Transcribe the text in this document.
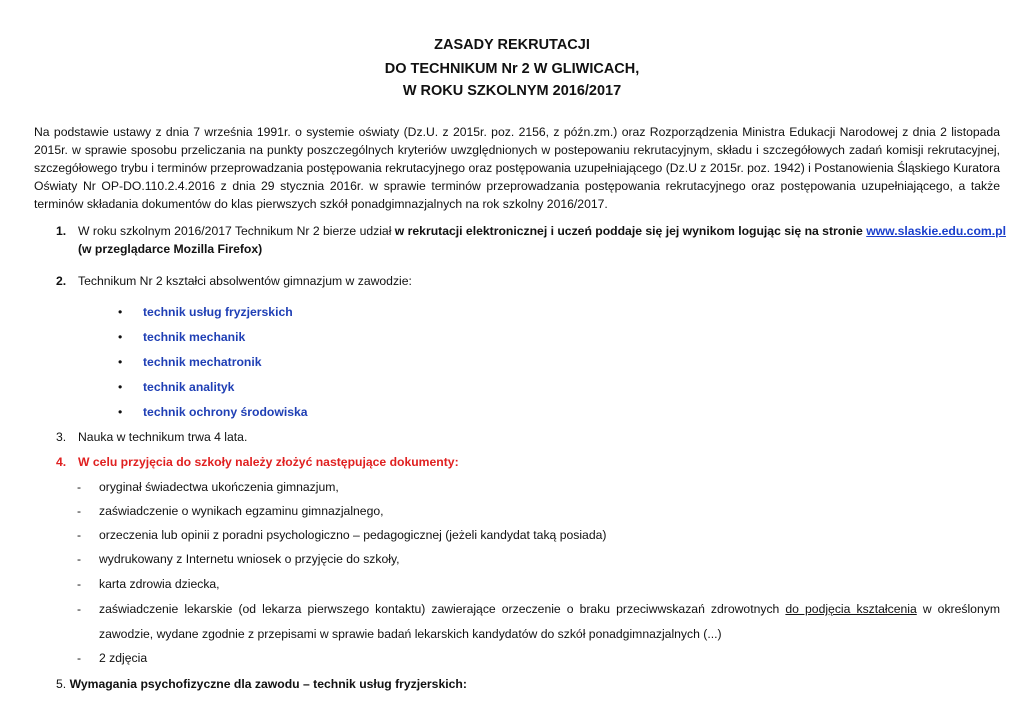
ZASADY REKRUTACJI

DO TECHNIKUM Nr 2 W GLIWICACH,

W ROKU SZKOLNYM 2016/2017

Na podstawie ustawy z dnia 7 września 1991r. o systemie oświaty (Dz.U. z 2015r. poz. 2156, z późn.zm.) oraz Rozporządzenia Ministra Edukacji Narodowej z dnia 2 listopada 2015r. w sprawie sposobu przeliczania na punkty poszczególnych kryteriów uwzględnionych w postepowaniu rekrutacyjnym, składu i szczegółowych zadań komisji rekrutacyjnej, szczegółowego trybu i terminów przeprowadzania postępowania rekrutacyjnego oraz postępowania uzupełniającego (Dz.U z 2015r. poz. 1942) i Postanowienia Śląskiego Kuratora Oświaty Nr OP-DO.110.2.4.2016 z dnia 29 stycznia 2016r. w sprawie terminów przeprowadzania postępowania rekrutacyjnego oraz postępowania uzupełniającego, a także terminów składania dokumentów do klas pierwszych szkół ponadgimnazjalnych na rok szkolny 2016/2017.

1. W roku szkolnym 2016/2017 Technikum Nr 2 bierze udział w rekrutacji elektronicznej i uczeń poddaje się jej wynikom logując się na stronie www.slaskie.edu.com.pl
(w przeglądarce Mozilla Firefox)
2. Technikum Nr 2 kształci absolwentów gimnazjum w zawodzie:
• technik usług fryzjerskich
• technik mechanik
• technik mechatronik
• technik analityk
• technik ochrony środowiska
3. Nauka w technikum trwa 4 lata.
4. W celu przyjęcia do szkoły należy złożyć następujące dokumenty:
- oryginał świadectwa ukończenia gimnazjum,
- zaświadczenie o wynikach egzaminu gimnazjalnego,
- orzeczenia lub opinii z poradni psychologiczno – pedagogicznej (jeżeli kandydat taką posiada)
- wydrukowany z Internetu wniosek o przyjęcie do szkoły,
- karta zdrowia dziecka,
- zaświadczenie lekarskie (od lekarza pierwszego kontaktu) zawierające orzeczenie o braku przeciwwskazań zdrowotnych do podjęcia kształcenia w określonym
zawodzie, wydane zgodnie z przepisami w sprawie badań lekarskich kandydatów do szkół ponadgimnazjalnych (...)
- 2 zdjęcia
5. Wymagania psychofizyczne dla zawodu – technik usług fryzjerskich:
